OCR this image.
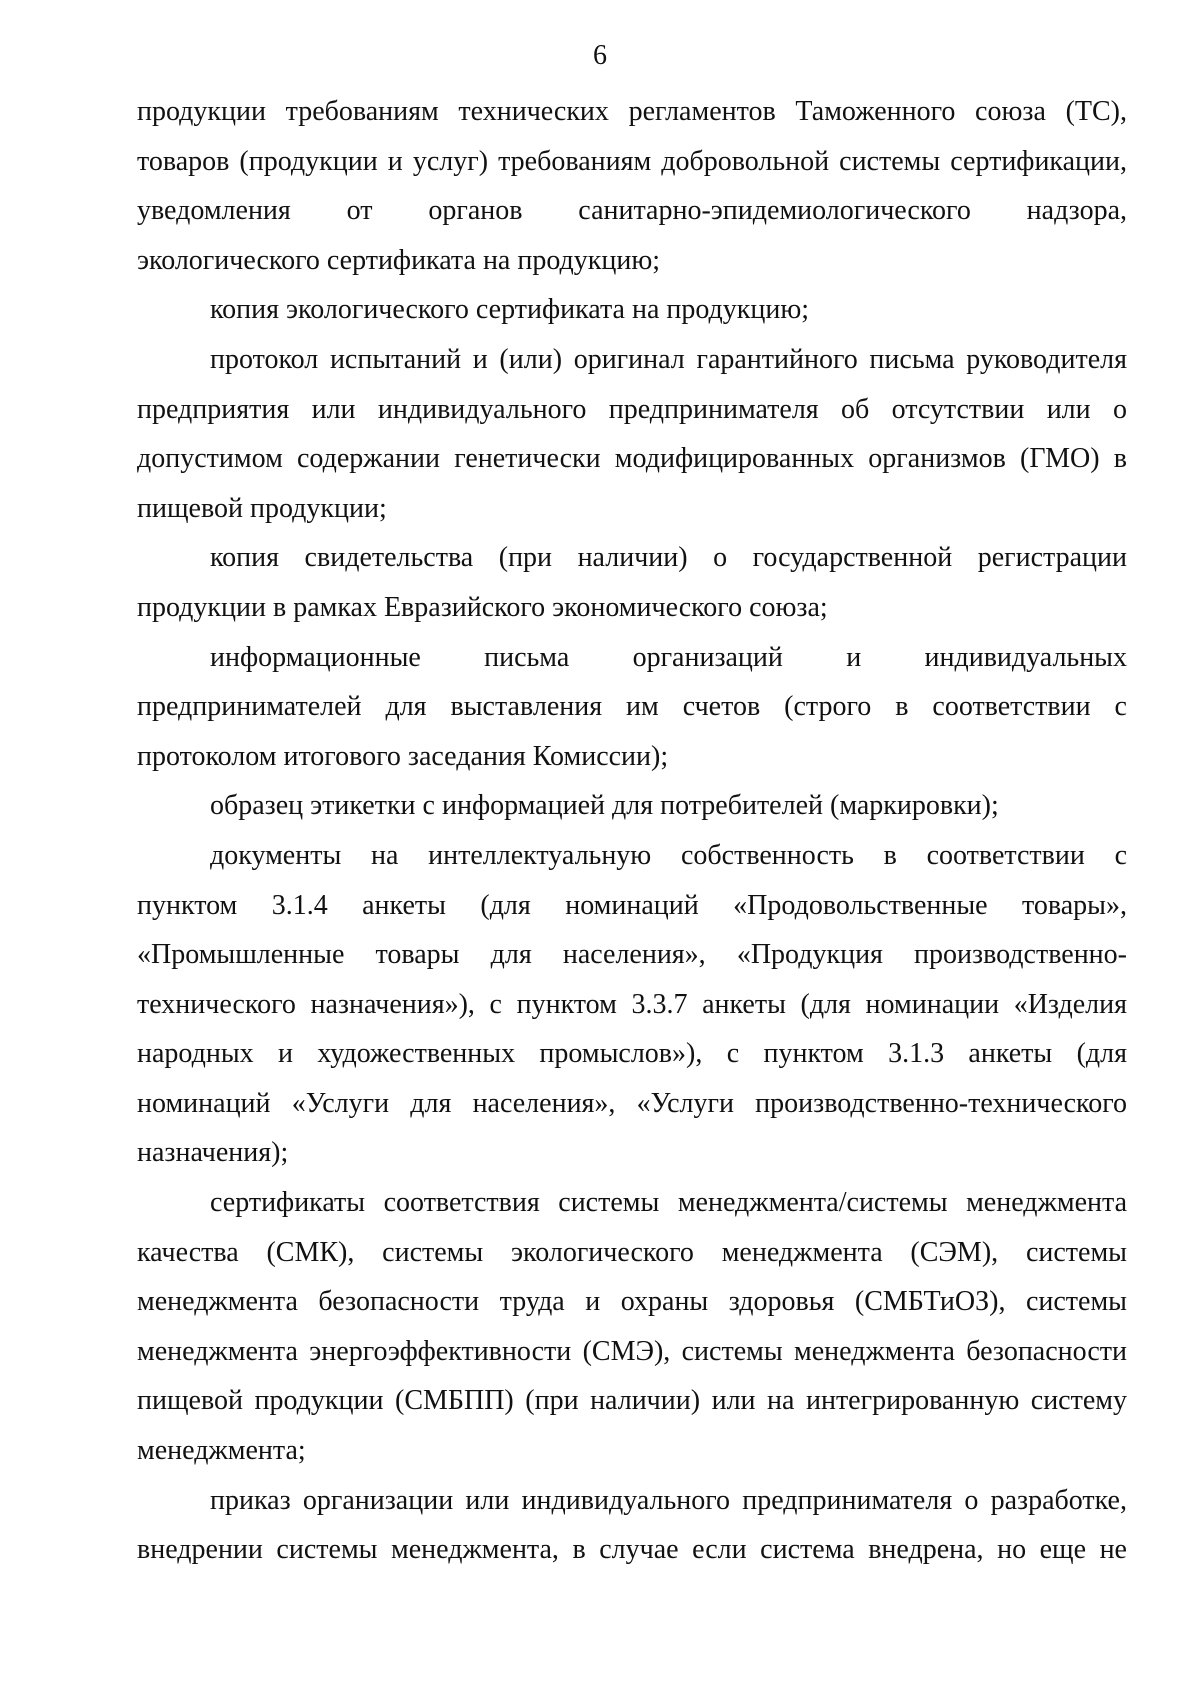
6
продукции требованиям технических регламентов Таможенного союза (ТС),
товаров (продукции и услуг) требованиям добровольной системы сертификации,
уведомления от органов санитарно-эпидемиологического надзора,
экологического сертификата на продукцию;
копия экологического сертификата на продукцию;
протокол испытаний и (или) оригинал гарантийного письма руководителя
предприятия или индивидуального предпринимателя об отсутствии или о
допустимом содержании генетически модифицированных организмов (ГМО) в
пищевой продукции;
копия свидетельства (при наличии) о государственной регистрации
продукции в рамках Евразийского экономического союза;
информационные письма организаций и индивидуальных
предпринимателей для выставления им счетов (строго в соответствии с
протоколом итогового заседания Комиссии);
образец этикетки с информацией для потребителей (маркировки);
документы на интеллектуальную собственность в соответствии с
пунктом 3.1.4 анкеты (для номинаций «Продовольственные товары»,
«Промышленные товары для населения», «Продукция производственно-
технического назначения»), с пунктом 3.3.7 анкеты (для номинации «Изделия
народных и художественных промыслов»), с пунктом 3.1.3 анкеты (для
номинаций «Услуги для населения», «Услуги производственно-технического
назначения);
сертификаты соответствия системы менеджмента/системы менеджмента
качества (СМК), системы экологического менеджмента (СЭМ), системы
менеджмента безопасности труда и охраны здоровья (СМБТиОЗ), системы
менеджмента энергоэффективности (СМЭ), системы менеджмента безопасности
пищевой продукции (СМБПП) (при наличии) или на интегрированную систему
менеджмента;
приказ организации или индивидуального предпринимателя о разработке,
внедрении системы менеджмента, в случае если система внедрена, но еще не
